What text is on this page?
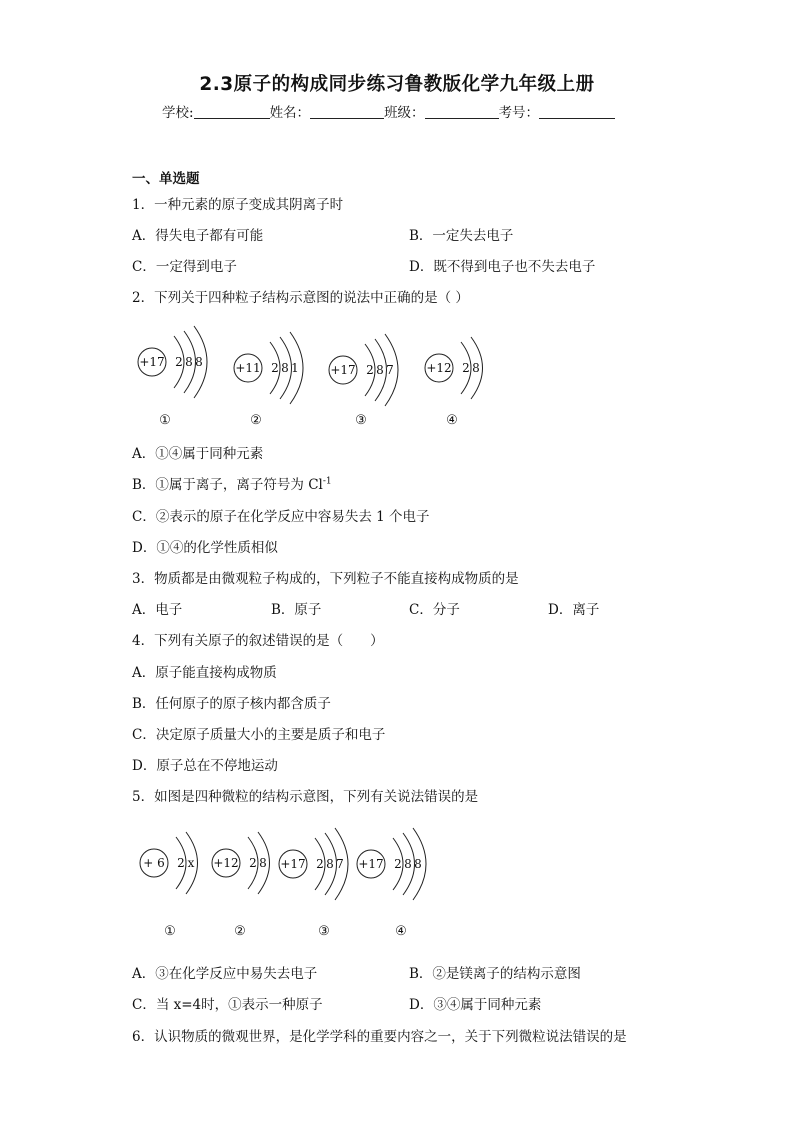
2.3原子的构成同步练习鲁教版化学九年级上册
学校:	姓名：	班级：	考号：
一、单选题
1．一种元素的原子变成其阴离子时
A．得失电子都有可能	B．一定失去电子
C．一定得到电子	D．既不得到电子也不失去电子
2．下列关于四种粒子结构示意图的说法中正确的是（ ）
+17 2 8 8
①
+11 2 8 1
②
+17 2 8 7
③
+12 2 8
④
A．①④属于同种元素
B．①属于离子，离子符号为 $Cl^{-1}$
C．②表示的原子在化学反应中容易失去 1 个电子
D．①④的化学性质相似
3．物质都是由微观粒子构成的，下列粒子不能直接构成物质的是
A．电子	B．原子	C．分子	D．离子
4．下列有关原子的叙述错误的是（　　）
A．原子能直接构成物质
B．任何原子的原子核内都含质子
C．决定原子质量大小的主要是质子和电子
D．原子总在不停地运动
5．如图是四种微粒的结构示意图，下列有关说法错误的是
+ 6 2 x
①
+12 2 8
②
+17 2 8 7
③
+17 2 8 8
④
A．③在化学反应中易失去电子	B．②是镁离子的结构示意图
C．当 x=4时，①表示一种原子	D．③④属于同种元素
6．认识物质的微观世界，是化学学科的重要内容之一，关于下列微粒说法错误的是
